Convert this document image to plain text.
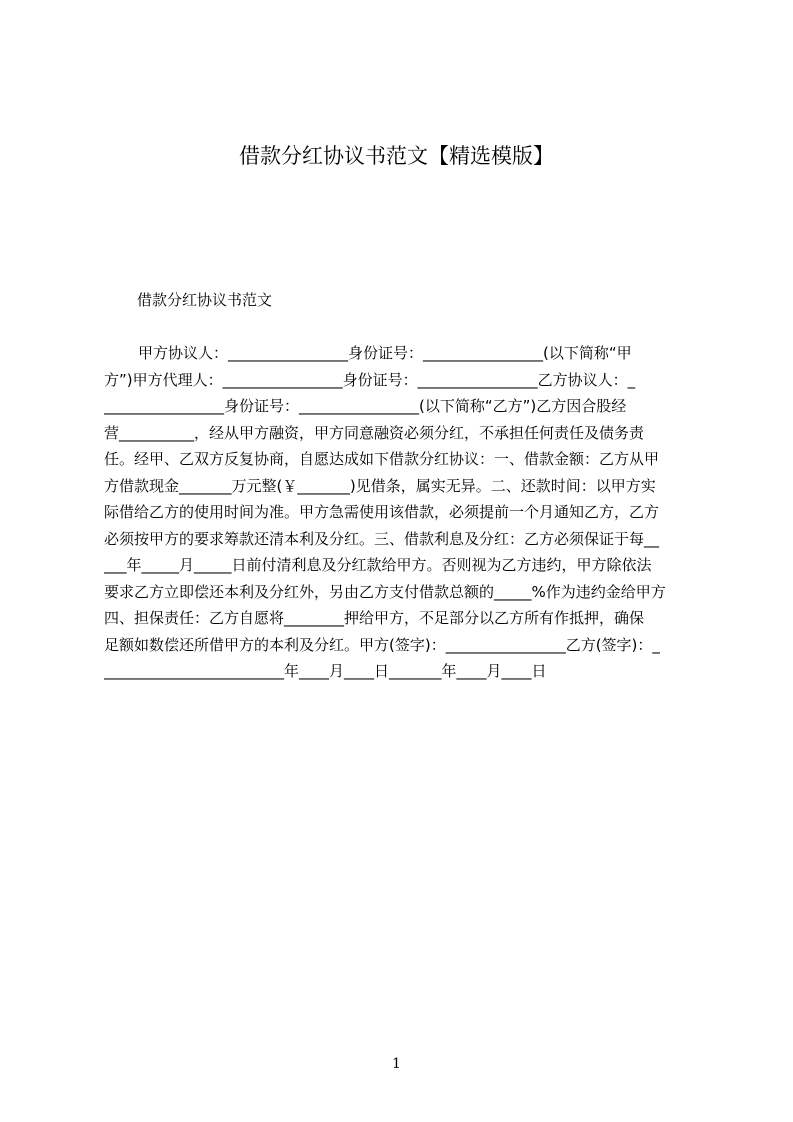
借款分红协议书范文【精选模版】

借款分红协议书范文

甲方协议人：________________身份证号：________________(以下简称“甲
方”)甲方代理人：________________身份证号：________________乙方协议人：_
________________身份证号：________________(以下简称“乙方”)乙方因合股经
营__________，经从甲方融资，甲方同意融资必须分红，不承担任何责任及债务责
任。经甲、乙双方反复协商，自愿达成如下借款分红协议：一、借款金额：乙方从甲
方借款现金_______万元整(￥_______)见借条，属实无异。二、还款时间：以甲方实
际借给乙方的使用时间为准。甲方急需使用该借款，必须提前一个月通知乙方，乙方
必须按甲方的要求筹款还清本利及分红。三、借款利息及分红：乙方必须保证于每__
___年_____月_____日前付清利息及分红款给甲方。否则视为乙方违约，甲方除依法
要求乙方立即偿还本利及分红外，另由乙方支付借款总额的_____%作为违约金给甲方
四、担保责任：乙方自愿将________押给甲方，不足部分以乙方所有作抵押，确保
足额如数偿还所借甲方的本利及分红。甲方(签字)：________________乙方(签字)：_
________________________年____月____日_______年____月____日

1
